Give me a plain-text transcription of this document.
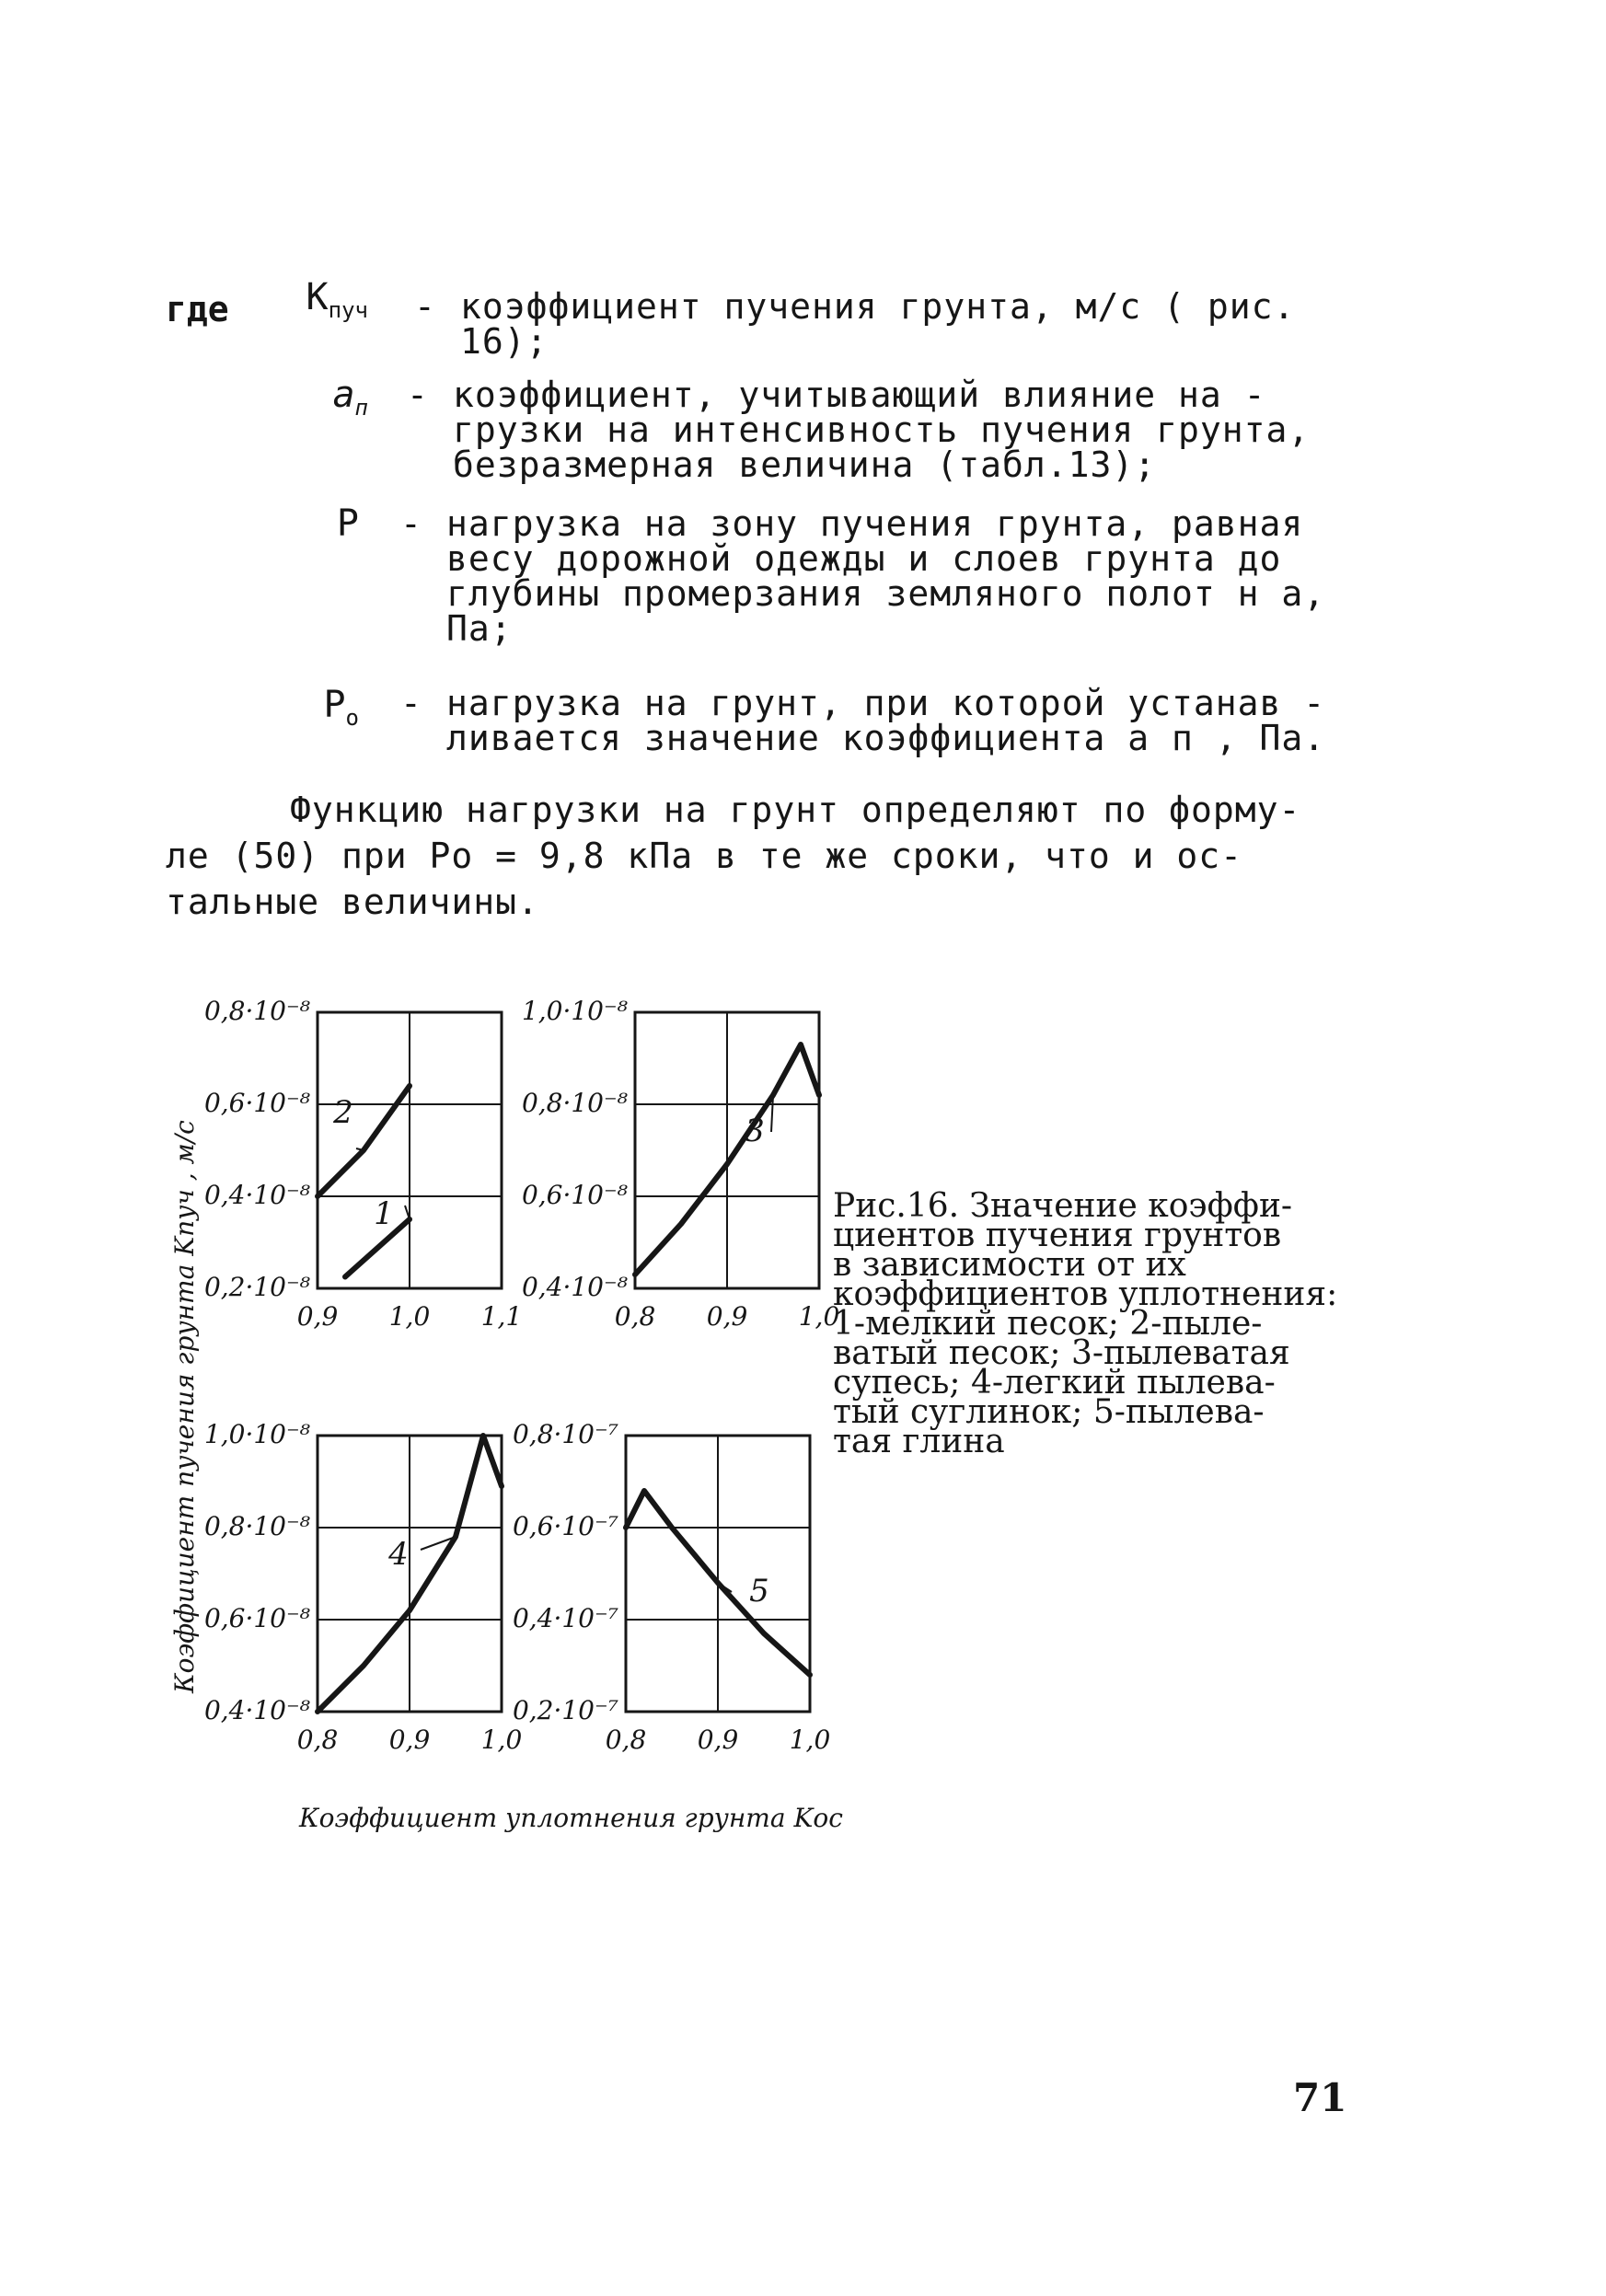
где	$К_{пуч}$ - коэффициент пучения грунта, м/с ( рис.
16);
$a_п$ - коэффициент, учитывающий влияние на -
грузки на интенсивность пучения грунта,
безразмерная величина (табл.13);
P - нагрузка на зону пучения грунта, равная
весу дорожной одежды и слоев грунта до
глубины промерзания земляного полот н а,
Па;
$P_о$ - нагрузка на грунт, при которой устанав -
ливается значение коэффициента a п , Па.
Функцию нагрузки на грунт определяют по форму-
ле (50) при Pо = 9,8 кПа в те же сроки, что и ос-
тальные величины.
Коэффициент пучения грунта Kпуч , м/с
Коэффициент уплотнения грунта Kос
0,9 1,0 1,1
0,2·10⁻⁸
0,4·10⁻⁸
0,6·10⁻⁸
0,8·10⁻⁸
1
2
0,8 0,9 1,0
0,4·10⁻⁸
0,6·10⁻⁸
0,8·10⁻⁸
1,0·10⁻⁸
3
0,8 0,9 1,0
0,4·10⁻⁸
0,6·10⁻⁸
0,8·10⁻⁸
1,0·10⁻⁸
4
0,8 0,9 1,0
0,2·10⁻⁷
0,4·10⁻⁷
0,6·10⁻⁷
0,8·10⁻⁷
5
Рис.16. Значение коэффи-
циентов пучения грунтов
в зависимости от их
коэффициентов уплотнения:
1-мелкий песок; 2-пыле-
ватый песок; 3-пылеватая
супесь; 4-легкий пылева-
тый суглинок; 5-пылева-
тая глина
71
